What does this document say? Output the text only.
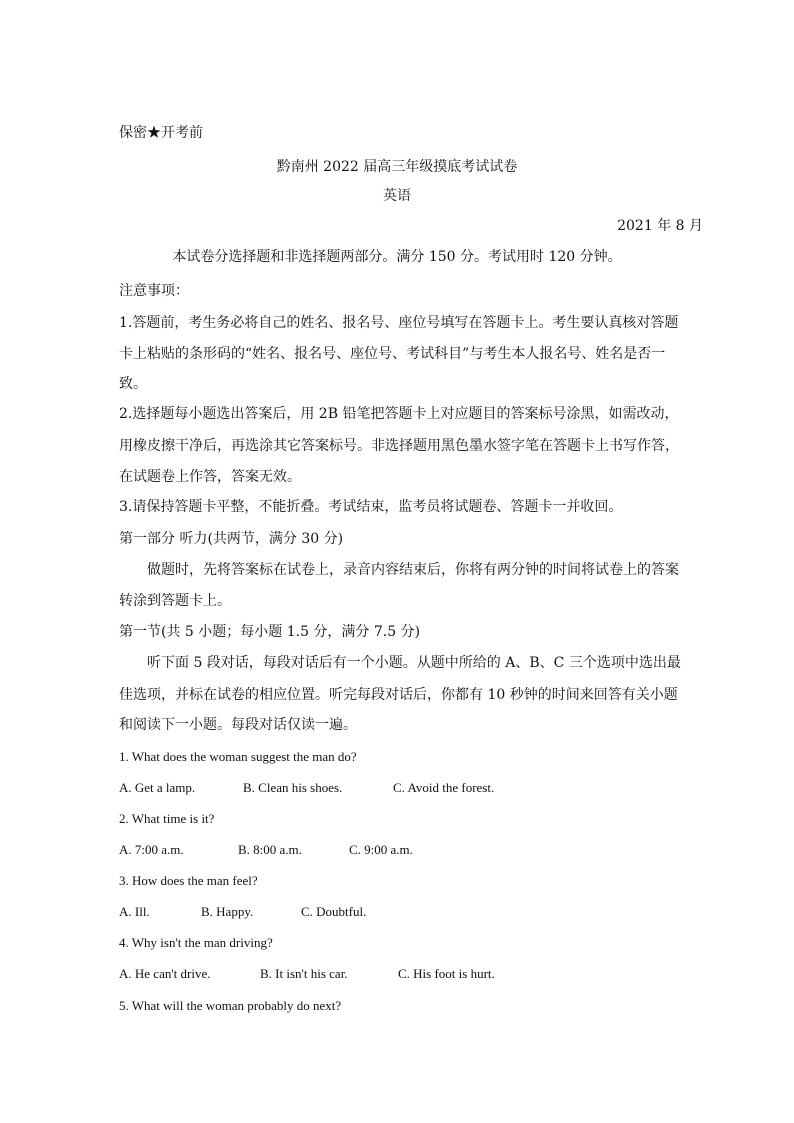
保密★开考前
黔南州 2022 届高三年级摸底考试试卷
英语
2021 年 8 月
本试卷分选择题和非选择题两部分。满分 150 分。考试用时 120 分钟。
注意事项：
1.答题前，考生务必将自己的姓名、报名号、座位号填写在答题卡上。考生要认真核对答题
卡上粘贴的条形码的“姓名、报名号、座位号、考试科目”与考生本人报名号、姓名是否一
致。
2.选择题每小题选出答案后，用 2B 铅笔把答题卡上对应题目的答案标号涂黑，如需改动，
用橡皮擦干净后，再选涂其它答案标号。非选择题用黑色墨水签字笔在答题卡上书写作答，
在试题卷上作答，答案无效。
3.请保持答题卡平整，不能折叠。考试结束，监考员将试题卷、答题卡一并收回。
第一部分 听力(共两节，满分 30 分)
做题时，先将答案标在试卷上，录音内容结束后，你将有两分钟的时间将试卷上的答案
转涂到答题卡上。
第一节(共 5 小题；每小题 1.5 分，满分 7.5 分)
听下面 5 段对话，每段对话后有一个小题。从题中所给的 A、B、C 三个选项中选出最
佳选项，并标在试卷的相应位置。听完每段对话后，你都有 10 秒钟的时间来回答有关小题
和阅读下一小题。每段对话仅读一遍。
1. What does the woman suggest the man do?
A. Get a lamp.	B. Clean his shoes.	C. Avoid the forest.
2. What time is it?
A. 7:00 a.m.	B. 8:00 a.m.	C. 9:00 a.m.
3. How does the man feel?
A. Ill.	B. Happy.	C. Doubtful.
4. Why isn't the man driving?
A. He can't drive.	B. It isn't his car.	C. His foot is hurt.
5. What will the woman probably do next?
